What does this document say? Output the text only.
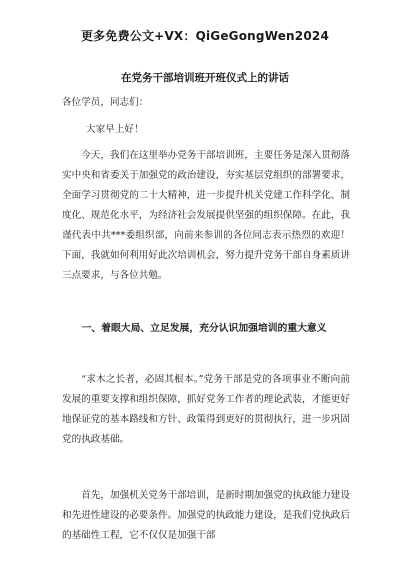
更多免费公文+VX：QiGeGongWen2024
在党务干部培训班开班仪式上的讲话
各位学员，同志们：
大家早上好！
今天，我们在这里举办党务干部培训班，主要任务是深入贯彻落实中央和省委关于加强党的政治建设，夯实基层党组织的部署要求，全面学习贯彻党的二十大精神，进一步提升机关党建工作科学化、制度化、规范化水平，为经济社会发展提供坚强的组织保障。在此，我谨代表中共***委组织部，向前来参训的各位同志表示热烈的欢迎！下面，我就如何利用好此次培训机会，努力提升党务干部自身素质讲三点要求，与各位共勉。
一、着眼大局、立足发展，充分认识加强培训的重大意义
“求木之长者，必固其根本。”党务干部是党的各项事业不断向前发展的重要支撑和组织保障，抓好党务工作者的理论武装，才能更好地保证党的基本路线和方针、政策得到更好的贯彻执行，进一步巩固党的执政基础。
首先，加强机关党务干部培训，是新时期加强党的执政能力建设和先进性建设的必要条件。加强党的执政能力建设，是我们党执政后的基础性工程，它不仅仅是加强干部
